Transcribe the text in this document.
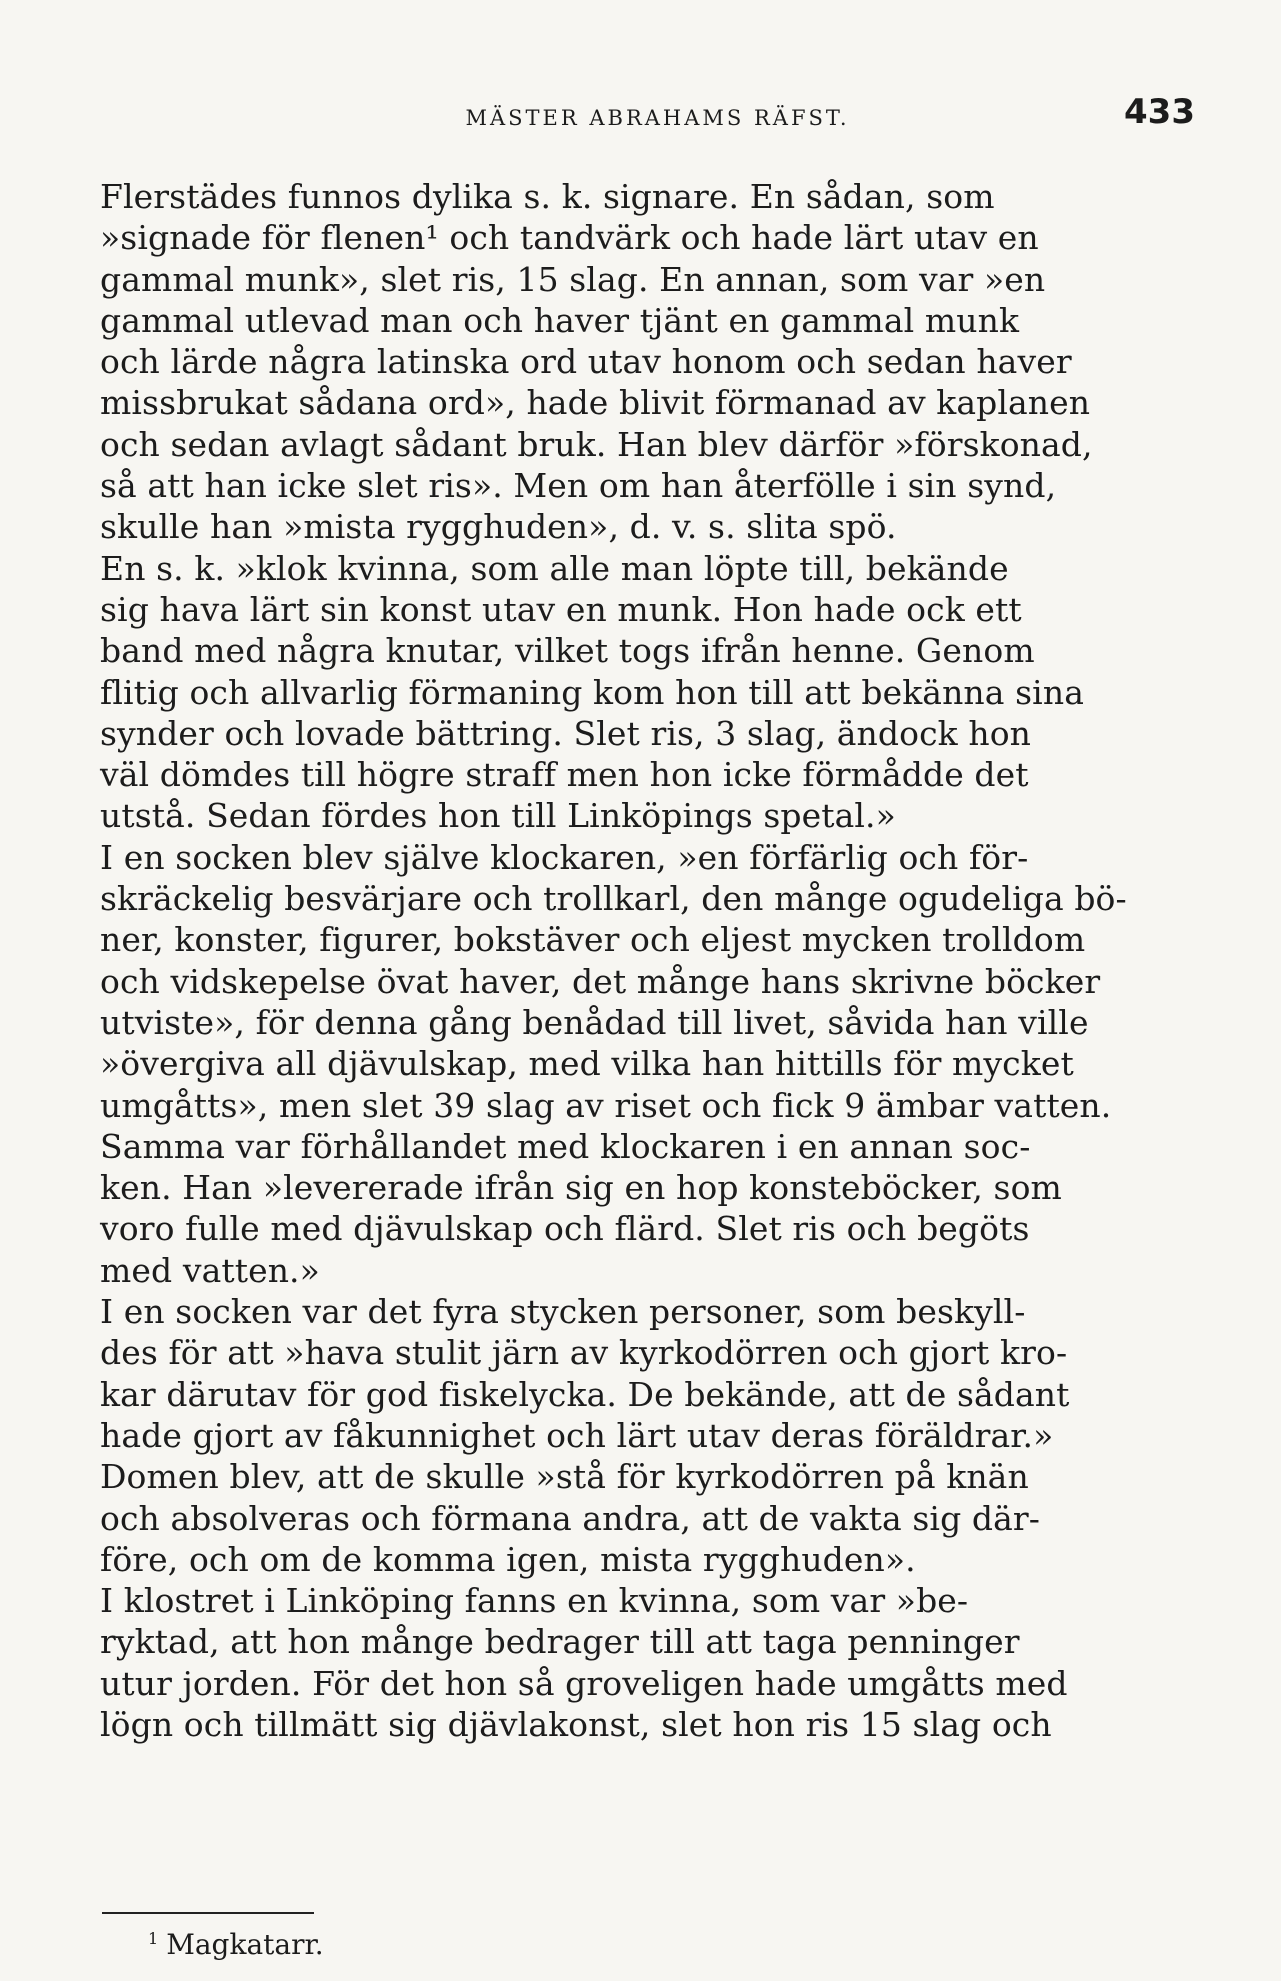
MÄSTER ABRAHAMS RÄFST.	433
Flerstädes funnos dylika s. k. signare. En sådan, som
»signade för flenen¹ och tandvärk och hade lärt utav en
gammal munk», slet ris, 15 slag. En annan, som var »en
gammal utlevad man och haver tjänt en gammal munk
och lärde några latinska ord utav honom och sedan haver
missbrukat sådana ord», hade blivit förmanad av kaplanen
och sedan avlagt sådant bruk. Han blev därför »förskonad,
så att han icke slet ris». Men om han återfölle i sin synd,
skulle han »mista rygghuden», d. v. s. slita spö.
En s. k. »klok kvinna, som alle man löpte till, bekände
sig hava lärt sin konst utav en munk. Hon hade ock ett
band med några knutar, vilket togs ifrån henne. Genom
flitig och allvarlig förmaning kom hon till att bekänna sina
synder och lovade bättring. Slet ris, 3 slag, ändock hon
väl dömdes till högre straff men hon icke förmådde det
utstå. Sedan fördes hon till Linköpings spetal.»
I en socken blev själve klockaren, »en förfärlig och för-
skräckelig besvärjare och trollkarl, den månge ogudeliga bö-
ner, konster, figurer, bokstäver och eljest mycken trolldom
och vidskepelse övat haver, det månge hans skrivne böcker
utviste», för denna gång benådad till livet, såvida han ville
»övergiva all djävulskap, med vilka han hittills för mycket
umgåtts», men slet 39 slag av riset och fick 9 ämbar vatten.
Samma var förhållandet med klockaren i en annan soc-
ken. Han »levererade ifrån sig en hop konsteböcker, som
voro fulle med djävulskap och flärd. Slet ris och begöts
med vatten.»
I en socken var det fyra stycken personer, som beskyll-
des för att »hava stulit järn av kyrkodörren och gjort kro-
kar därutav för god fiskelycka. De bekände, att de sådant
hade gjort av fåkunnighet och lärt utav deras föräldrar.»
Domen blev, att de skulle »stå för kyrkodörren på knän
och absolveras och förmana andra, att de vakta sig där-
före, och om de komma igen, mista rygghuden».
I klostret i Linköping fanns en kvinna, som var »be-
ryktad, att hon månge bedrager till att taga penninger
utur jorden. För det hon så groveligen hade umgåtts med
lögn och tillmätt sig djävlakonst, slet hon ris 15 slag och
$^1$ Magkatarr.
